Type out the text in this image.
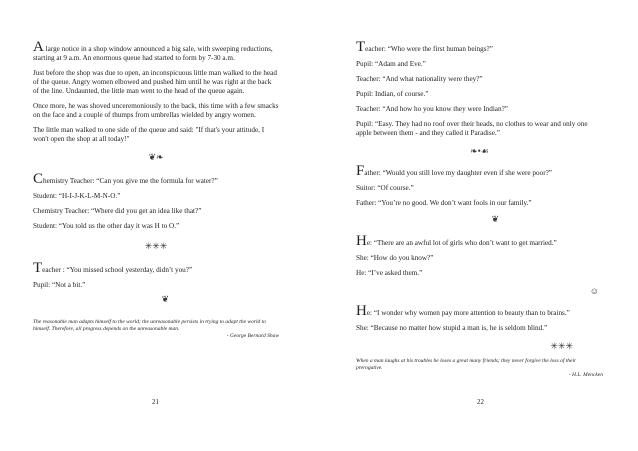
A large notice in a shop window announced a big sale, with sweeping reductions, starting at 9 a.m. An enormous queue had started to form by 7-30 a.m.

Just before the shop was due to open, an inconspicuous little man walked to the head of the queue. Angry women elbowed and pushed him until he was right at the back of the line. Undaunted, the little man went to the head of the queue again.

Once more, he was shoved unceremoniously to the back, this time with a few smacks on the face and a couple of thumps from umbrellas wielded by angry women.

The little man walked to one side of the queue and said: "If that's your attitude, I won't open the shop at all today!"

❦❧

Chemistry Teacher: “Can you give me the formula for water?”

Student: “H-I-J-K-L-M-N-O.”

Chemistry Teacher: “Where did you get an idea like that?”

Student: “You told us the other day it was H to O.”

✳✳✳

Teacher : “You missed school yesterday, didn’t you?”

Pupil: “Not a bit.”

❦

The reasonable man adapts himself to the world; the unreasonable persists in trying to adapt the world to himself. Therefore, all progress depends on the unreasonable man.

- George Bernard Shaw

21

Teacher: “Who were the first human beings?”

Pupil: “Adam and Eve.”

Teacher: “And what nationality were they?”

Pupil: Indian, of course.”

Teacher: “And how ho you know they were Indian?”

Pupil: “Easy. They had no roof over their heads, no clothes to wear and only one apple between them - and they called it Paradise.”

❧•☙

Father: “Would you still love my daughter even if she were poor?”

Suitor: “Of course.”

Father: “You’re no good. We don’t want fools in our family.”

❦

He: “There are an awful lot of girls who don’t want to get married.”

She: “How do you know?”

He: “I’ve asked them.”

☺

He: “I wonder why women pay more attention to beauty than to brains.”

She: “Because no matter how stupid a man is, he is seldom blind.”

✳✳✳

When a man laughs at his troubles he loses a great many friends; they never forgive the loss of their prerogative.

- H.L. Mencken

22
